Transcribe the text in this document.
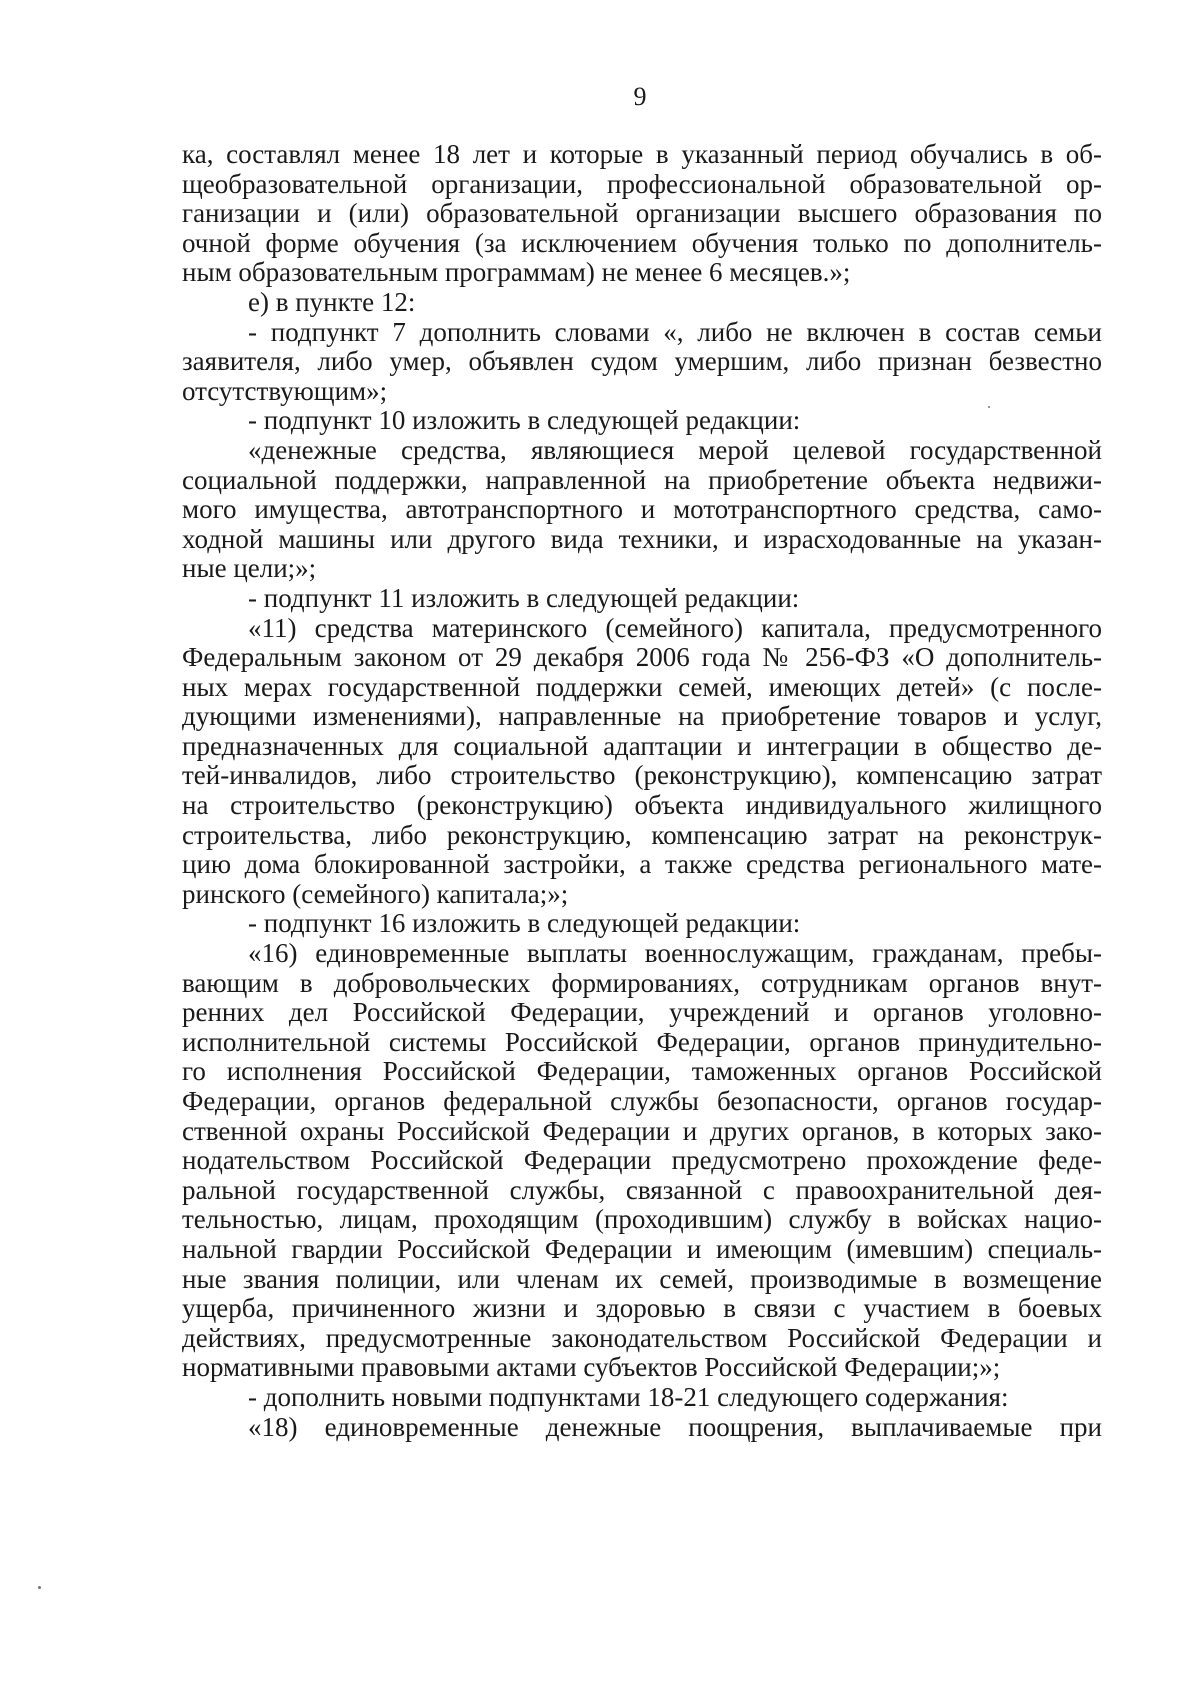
9

ка, составлял менее 18 лет и которые в указанный период обучались в об-

щеобразовательной организации, профессиональной образовательной ор-

ганизации и (или) образовательной организации высшего образования по

очной форме обучения (за исключением обучения только по дополнитель-

ным образовательным программам) не менее 6 месяцев.»;

е) в пункте 12:

- подпункт 7 дополнить словами «, либо не включен в состав семьи

заявителя, либо умер, объявлен судом умершим, либо признан безвестно

отсутствующим»;

- подпункт 10 изложить в следующей редакции:

«денежные средства, являющиеся мерой целевой государственной

социальной поддержки, направленной на приобретение объекта недвижи-

мого имущества, автотранспортного и мототранспортного средства, само-

ходной машины или другого вида техники, и израсходованные на указан-

ные цели;»;

- подпункт 11 изложить в следующей редакции:

«11) средства материнского (семейного) капитала, предусмотренного

Федеральным законом от 29 декабря 2006 года № 256-ФЗ «О дополнитель-

ных мерах государственной поддержки семей, имеющих детей» (с после-

дующими изменениями), направленные на приобретение товаров и услуг,

предназначенных для социальной адаптации и интеграции в общество де-

тей-инвалидов, либо строительство (реконструкцию), компенсацию затрат

на строительство (реконструкцию) объекта индивидуального жилищного

строительства, либо реконструкцию, компенсацию затрат на реконструк-

цию дома блокированной застройки, а также средства регионального мате-

ринского (семейного) капитала;»;

- подпункт 16 изложить в следующей редакции:

«16) единовременные выплаты военнослужащим, гражданам, пребы-

вающим в добровольческих формированиях, сотрудникам органов внут-

ренних дел Российской Федерации, учреждений и органов уголовно-

исполнительной системы Российской Федерации, органов принудительно-

го исполнения Российской Федерации, таможенных органов Российской

Федерации, органов федеральной службы безопасности, органов государ-

ственной охраны Российской Федерации и других органов, в которых зако-

нодательством Российской Федерации предусмотрено прохождение феде-

ральной государственной службы, связанной с правоохранительной дея-

тельностью, лицам, проходящим (проходившим) службу в войсках нацио-

нальной гвардии Российской Федерации и имеющим (имевшим) специаль-

ные звания полиции, или членам их семей, производимые в возмещение

ущерба, причиненного жизни и здоровью в связи с участием в боевых

действиях, предусмотренные законодательством Российской Федерации и

нормативными правовыми актами субъектов Российской Федерации;»;

- дополнить новыми подпунктами 18-21 следующего содержания:

«18) единовременные денежные поощрения, выплачиваемые при
